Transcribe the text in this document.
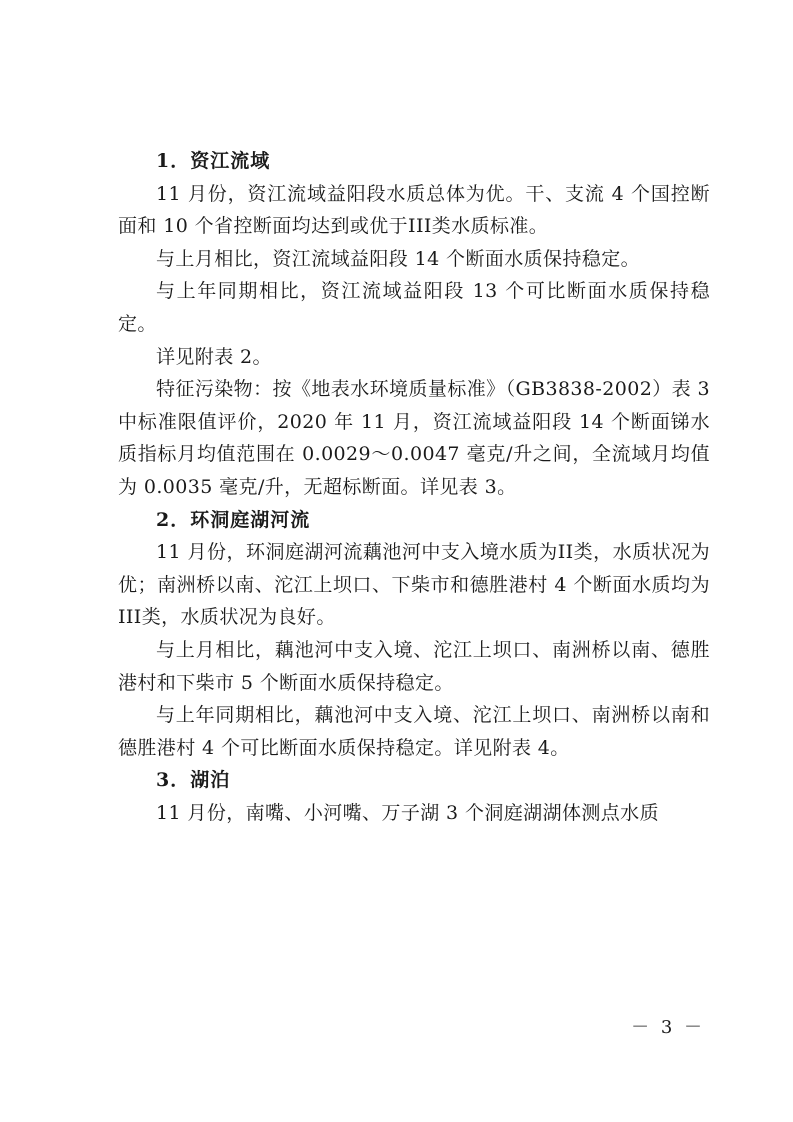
1．资江流域

11 月份，资江流域益阳段水质总体为优。干、支流 4 个国控断面和 10 个省控断面均达到或优于III类水质标准。

与上月相比，资江流域益阳段 14 个断面水质保持稳定。

与上年同期相比，资江流域益阳段 13 个可比断面水质保持稳定。

详见附表 2。

特征污染物：按《地表水环境质量标准》（GB3838-2002）表 3 中标准限值评价，2020 年 11 月，资江流域益阳段 14 个断面锑水质指标月均值范围在 0.0029～0.0047 毫克/升之间，全流域月均值为 0.0035 毫克/升，无超标断面。详见表 3。

2．环洞庭湖河流

11 月份，环洞庭湖河流藕池河中支入境水质为II类，水质状况为优；南洲桥以南、沱江上坝口、下柴市和德胜港村 4 个断面水质均为III类，水质状况为良好。

与上月相比，藕池河中支入境、沱江上坝口、南洲桥以南、德胜港村和下柴市 5 个断面水质保持稳定。

与上年同期相比，藕池河中支入境、沱江上坝口、南洲桥以南和德胜港村 4 个可比断面水质保持稳定。详见附表 4。

3．湖泊

11 月份，南嘴、小河嘴、万子湖 3 个洞庭湖湖体测点水质

－ 3 －
